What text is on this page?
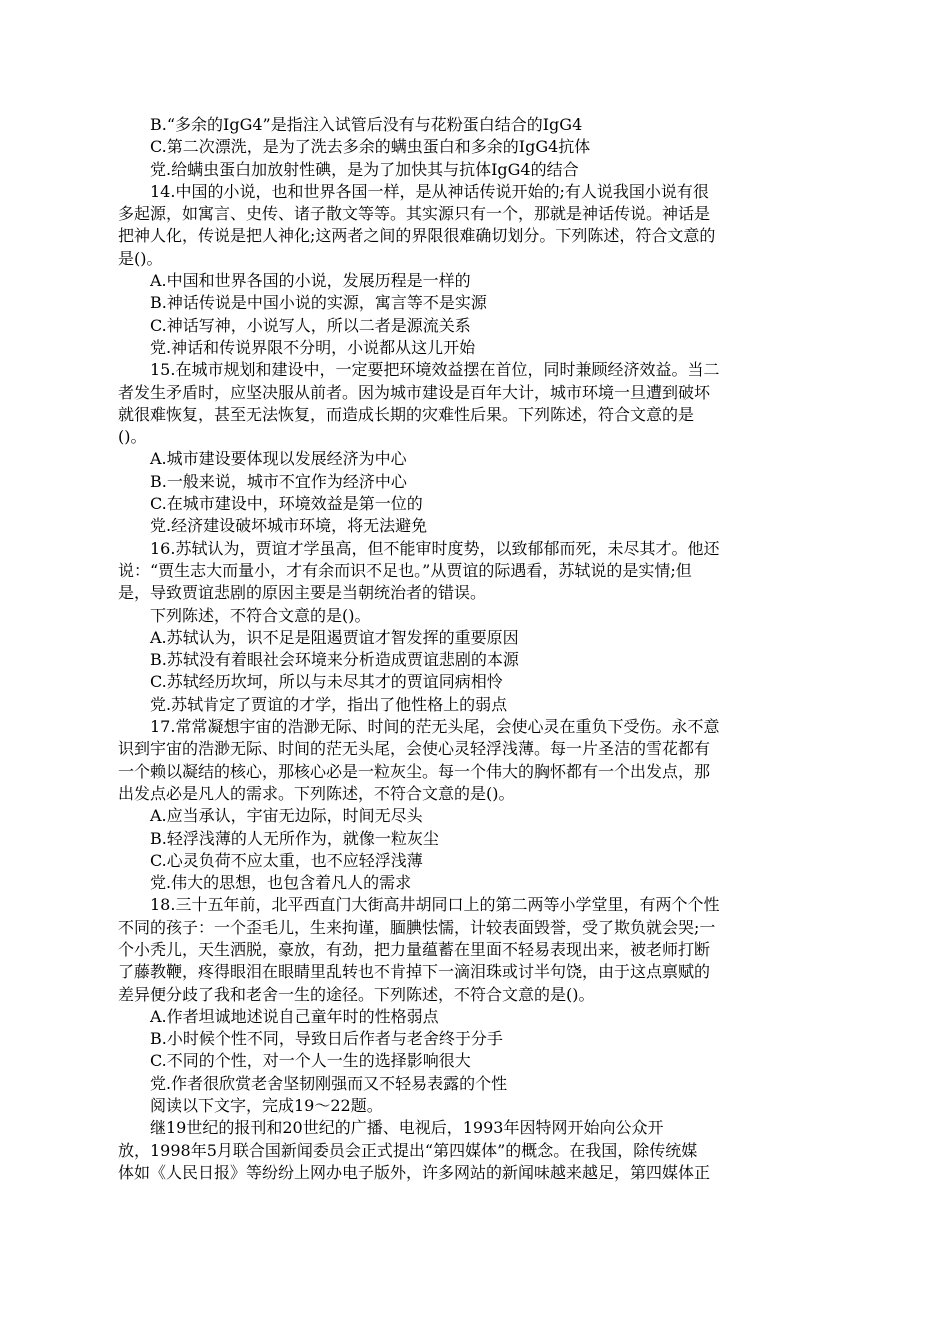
B.“多余的IgG4”是指注入试管后没有与花粉蛋白结合的IgG4
C.第二次漂洗，是为了洗去多余的螨虫蛋白和多余的IgG4抗体
党.给螨虫蛋白加放射性碘，是为了加快其与抗体IgG4的结合
14.中国的小说，也和世界各国一样，是从神话传说开始的;有人说我国小说有很
多起源，如寓言、史传、诸子散文等等。其实源只有一个，那就是神话传说。神话是
把神人化，传说是把人神化;这两者之间的界限很难确切划分。下列陈述，符合文意的
是()。
A.中国和世界各国的小说，发展历程是一样的
B.神话传说是中国小说的实源，寓言等不是实源
C.神话写神，小说写人，所以二者是源流关系
党.神话和传说界限不分明，小说都从这儿开始
15.在城市规划和建设中，一定要把环境效益摆在首位，同时兼顾经济效益。当二
者发生矛盾时，应坚决服从前者。因为城市建设是百年大计，城市环境一旦遭到破坏
就很难恢复，甚至无法恢复，而造成长期的灾难性后果。下列陈述，符合文意的是
()。
A.城市建设要体现以发展经济为中心
B.一般来说，城市不宜作为经济中心
C.在城市建设中，环境效益是第一位的
党.经济建设破坏城市环境，将无法避免
16.苏轼认为，贾谊才学虽高，但不能审时度势，以致郁郁而死，未尽其才。他还
说：“贾生志大而量小，才有余而识不足也。”从贾谊的际遇看，苏轼说的是实情;但
是，导致贾谊悲剧的原因主要是当朝统治者的错误。
下列陈述，不符合文意的是()。
A.苏轼认为，识不足是阻遏贾谊才智发挥的重要原因
B.苏轼没有着眼社会环境来分析造成贾谊悲剧的本源
C.苏轼经历坎坷，所以与未尽其才的贾谊同病相怜
党.苏轼肯定了贾谊的才学，指出了他性格上的弱点
17.常常凝想宇宙的浩渺无际、时间的茫无头尾，会使心灵在重负下受伤。永不意
识到宇宙的浩渺无际、时间的茫无头尾，会使心灵轻浮浅薄。每一片圣洁的雪花都有
一个赖以凝结的核心，那核心必是一粒灰尘。每一个伟大的胸怀都有一个出发点，那
出发点必是凡人的需求。下列陈述，不符合文意的是()。
A.应当承认，宇宙无边际，时间无尽头
B.轻浮浅薄的人无所作为，就像一粒灰尘
C.心灵负荷不应太重，也不应轻浮浅薄
党.伟大的思想，也包含着凡人的需求
18.三十五年前，北平西直门大街高井胡同口上的第二两等小学堂里，有两个个性
不同的孩子：一个歪毛儿，生来拘谨，腼腆怯懦，计较表面毁誉，受了欺负就会哭;一
个小秃儿，天生洒脱，豪放，有劲，把力量蕴蓄在里面不轻易表现出来，被老师打断
了藤教鞭，疼得眼泪在眼睛里乱转也不肯掉下一滴泪珠或讨半句饶，由于这点禀赋的
差异便分歧了我和老舍一生的途径。下列陈述，不符合文意的是()。
A.作者坦诚地述说自己童年时的性格弱点
B.小时候个性不同，导致日后作者与老舍终于分手
C.不同的个性，对一个人一生的选择影响很大
党.作者很欣赏老舍坚韧刚强而又不轻易表露的个性
阅读以下文字，完成19～22题。
继19世纪的报刊和20世纪的广播、电视后，1993年因特网开始向公众开
放，1998年5月联合国新闻委员会正式提出“第四媒体”的概念。在我国，除传统媒
体如《人民日报》等纷纷上网办电子版外，许多网站的新闻味越来越足，第四媒体正
